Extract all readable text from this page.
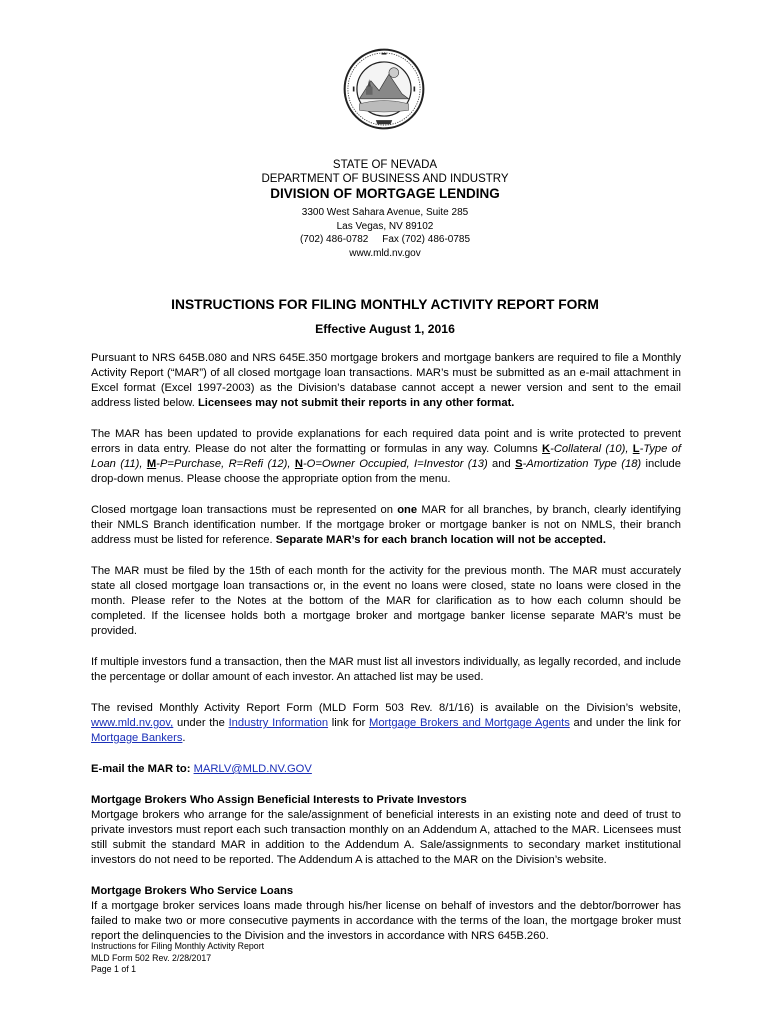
STATE OF NEVADA
DEPARTMENT OF BUSINESS AND INDUSTRY
DIVISION OF MORTGAGE LENDING
3300 West Sahara Avenue, Suite 285
Las Vegas, NV 89102
(702) 486-0782     Fax (702) 486-0785
www.mld.nv.gov
INSTRUCTIONS FOR FILING MONTHLY ACTIVITY REPORT FORM
Effective August 1, 2016

Pursuant to NRS 645B.080 and NRS 645E.350 mortgage brokers and mortgage bankers are required to file a Monthly Activity Report (“MAR”) of all closed mortgage loan transactions. MAR’s must be submitted as an e-mail attachment in Excel format (Excel 1997-2003) as the Division’s database cannot accept a newer version and sent to the email address listed below. Licensees may not submit their reports in any other format.

The MAR has been updated to provide explanations for each required data point and is write protected to prevent errors in data entry. Please do not alter the formatting or formulas in any way. Columns K-Collateral (10), L-Type of Loan (11), M-P=Purchase, R=Refi (12), N-O=Owner Occupied, I=Investor (13) and S-Amortization Type (18) include drop-down menus. Please choose the appropriate option from the menu.

Closed mortgage loan transactions must be represented on one MAR for all branches, by branch, clearly identifying their NMLS Branch identification number. If the mortgage broker or mortgage banker is not on NMLS, their branch address must be listed for reference. Separate MAR’s for each branch location will not be accepted.

The MAR must be filed by the 15th of each month for the activity for the previous month. The MAR must accurately state all closed mortgage loan transactions or, in the event no loans were closed, state no loans were closed in the month. Please refer to the Notes at the bottom of the MAR for clarification as to how each column should be completed. If the licensee holds both a mortgage broker and mortgage banker license separate MAR's must be provided.

If multiple investors fund a transaction, then the MAR must list all investors individually, as legally recorded, and include the percentage or dollar amount of each investor. An attached list may be used.

The revised Monthly Activity Report Form (MLD Form 503 Rev. 8/1/16) is available on the Division’s website, www.mld.nv.gov, under the Industry Information link for Mortgage Brokers and Mortgage Agents and under the link for Mortgage Bankers.

E-mail the MAR to: MARLV@MLD.NV.GOV

Mortgage Brokers Who Assign Beneficial Interests to Private Investors
Mortgage brokers who arrange for the sale/assignment of beneficial interests in an existing note and deed of trust to private investors must report each such transaction monthly on an Addendum A, attached to the MAR. Licensees must still submit the standard MAR in addition to the Addendum A. Sale/assignments to secondary market institutional investors do not need to be reported. The Addendum A is attached to the MAR on the Division’s website.

Mortgage Brokers Who Service Loans
If a mortgage broker services loans made through his/her license on behalf of investors and the debtor/borrower has failed to make two or more consecutive payments in accordance with the terms of the loan, the mortgage broker must report the delinquencies to the Division and the investors in accordance with NRS 645B.260.

Instructions for Filing Monthly Activity Report
MLD Form 502 Rev. 2/28/2017
Page 1 of 1
